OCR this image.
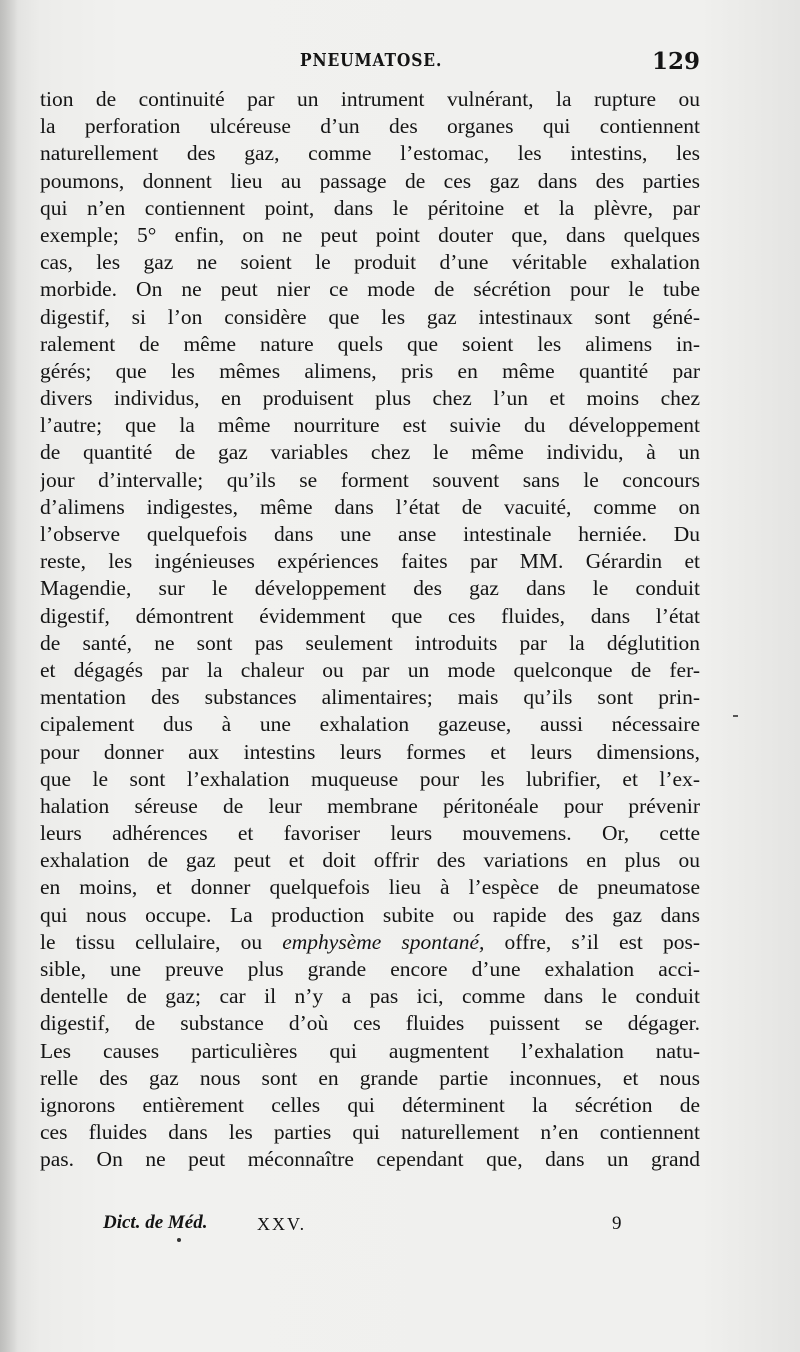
PNEUMATOSE.	129
tion de continuité par un intrument vulnérant, la rupture ou
la perforation ulcéreuse d’un des organes qui contiennent
naturellement des gaz, comme l’estomac, les intestins, les
poumons, donnent lieu au passage de ces gaz dans des parties
qui n’en contiennent point, dans le péritoine et la plèvre, par
exemple; 5° enfin, on ne peut point douter que, dans quelques
cas, les gaz ne soient le produit d’une véritable exhalation
morbide. On ne peut nier ce mode de sécrétion pour le tube
digestif, si l’on considère que les gaz intestinaux sont géné-
ralement de même nature quels que soient les alimens in-
gérés; que les mêmes alimens, pris en même quantité par
divers individus, en produisent plus chez l’un et moins chez
l’autre; que la même nourriture est suivie du développement
de quantité de gaz variables chez le même individu, à un
jour d’intervalle; qu’ils se forment souvent sans le concours
d’alimens indigestes, même dans l’état de vacuité, comme on
l’observe quelquefois dans une anse intestinale herniée. Du
reste, les ingénieuses expériences faites par MM. Gérardin et
Magendie, sur le développement des gaz dans le conduit
digestif, démontrent évidemment que ces fluides, dans l’état
de santé, ne sont pas seulement introduits par la déglutition
et dégagés par la chaleur ou par un mode quelconque de fer-
mentation des substances alimentaires; mais qu’ils sont prin-
cipalement dus à une exhalation gazeuse, aussi nécessaire
pour donner aux intestins leurs formes et leurs dimensions,
que le sont l’exhalation muqueuse pour les lubrifier, et l’ex-
halation séreuse de leur membrane péritonéale pour prévenir
leurs adhérences et favoriser leurs mouvemens. Or, cette
exhalation de gaz peut et doit offrir des variations en plus ou
en moins, et donner quelquefois lieu à l’espèce de pneumatose
qui nous occupe. La production subite ou rapide des gaz dans
le tissu cellulaire, ou emphysème spontané, offre, s’il est pos-
sible, une preuve plus grande encore d’une exhalation acci-
dentelle de gaz; car il n’y a pas ici, comme dans le conduit
digestif, de substance d’où ces fluides puissent se dégager.
Les causes particulières qui augmentent l’exhalation natu-
relle des gaz nous sont en grande partie inconnues, et nous
ignorons entièrement celles qui déterminent la sécrétion de
ces fluides dans les parties qui naturellement n’en contiennent
pas. On ne peut méconnaître cependant que, dans un grand
Dict. de Méd.	XXV.	9
